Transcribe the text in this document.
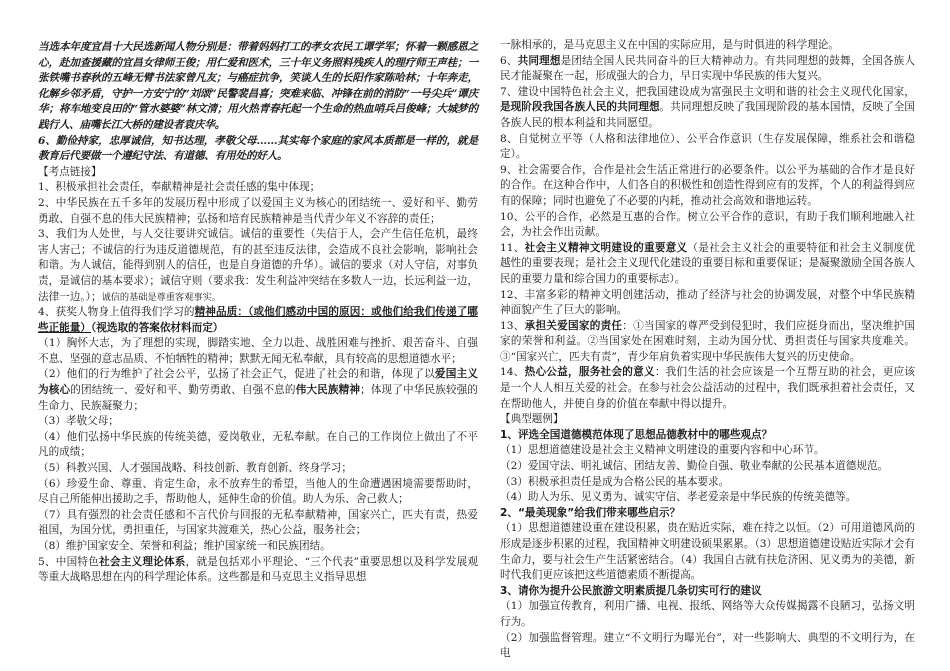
当选本年度宜昌十大民选新闻人物分别是：带着妈妈打工的孝女农民工谭学军；怀着一颗感恩之心，赴加查援藏的宜昌女律师王俊；用仁爱和医术，三十年义务照料残疾人的理疗师王声桂；一张铁嘴书春秋的五峰无臂书法家曾凡友；与癌症抗争，笑谈人生的长阳作家陈哈林；十年奔走，化解乡邻矛盾，守护一方安宁的“刘颂”民警裴昌喜；突难来临、冲锋在前的消防“一号尖兵”谭庆华；将车地变良田的“管水婆婆”林文清；用火热青春托起一个生命的热血哨兵吕俊峰；大城梦的践行人、庙嘴长江大桥的建设者袁庆华。

6、勤俭持家，忠厚诚信，知书达理，孝敬父母……其实每个家庭的家风本质都是一样的，就是教育后代要做一个遵纪守法、有道德、有用处的好人。

【考点链接】

1、积极承担社会责任，奉献精神是社会责任感的集中体现；

2、中华民族在五千多年的发展历程中形成了以爱国主义为核心的团结统一、爱好和平、勤劳勇敢、自强不息的伟大民族精神；弘扬和培育民族精神是当代青少年义不容辞的责任；

3、我们为人处世，与人交往要讲究诚信。诚信的重要性（失信于人，会产生信任危机，最终害人害己；不诚信的行为违反道德规范，有的甚至违反法律，会造成不良社会影响，影响社会和谐。为人诚信，能得到别人的信任，也是自身道德的升华）。诚信的要求（对人守信，对事负责，是诚信的基本要求）；诚信守则（要求我：发生利益冲突结在多数人一边，长远利益一边，法律一边。）；诚信的基础是尊重客观事实。

4、获奖人物身上值得我们学习的精神品质：（或他们感动中国的原因：或他们给我们传递了哪些正能量）（视选取的答案依材料而定）

（1）胸怀大志，为了理想的实现，脚踏实地、全力以赴、战胜困难与挫折、艰苦奋斗、自强不息、坚强的意志品质、不怕牺牲的精神；默默无闻无私奉献，具有较高的思想道德水平；

（2）他们的行为维护了社会公平，弘扬了社会正气，促进了社会的和谐，体现了以爱国主义为核心的团结统一、爱好和平、勤劳勇敢、自强不息的伟大民族精神；体现了中华民族较强的生命力、民族凝聚力；

（3）孝敬父母；

（4）他们弘扬中华民族的传统美德，爱岗敬业，无私奉献。在自己的工作岗位上做出了不平凡的成绩；

（5）科教兴国、人才强国战略、科技创新、教育创新、终身学习；

（6）珍爱生命、尊重、肯定生命，永不放弃生的希望，当他人的生命遭遇困境需要帮助时，尽自己所能伸出援助之手，帮助他人，延伸生命的价值。助人为乐、舍己救人；

（7）具有强烈的社会责任感和不言代价与回报的无私奉献精神，国家兴亡，匹夫有责，热爱祖国，为国分忧，勇担重任，与国家共渡难关，热心公益，服务社会；

（8）维护国家安全、荣誉和利益；维护国家统一和民族团结。

5、中国特色社会主义理论体系，就是包括邓小平理论、“三个代表”重要思想以及科学发展观等重大战略思想在内的科学理论体系。这些都是和马克思主义指导思想

一脉相承的，是马克思主义在中国的实际应用，是与时俱进的科学理论。

6、共同理想是团结全国人民共同奋斗的巨大精神动力。有共同理想的鼓舞，全国各族人民才能凝聚在一起，形成强大的合力，早日实现中华民族的伟大复兴。

7、建设中国特色社会主义，把我国建设成为富强民主文明和谐的社会主义现代化国家，是现阶段我国各族人民的共同理想。共同理想反映了我国现阶段的基本国情，反映了全国各族人民的根本利益和共同愿望。

8、自觉树立平等（人格和法律地位）、公平合作意识（生存发展保障，维系社会和谐稳定）。

9、社会需要合作，合作是社会生活正常进行的必要条件。以公平为基础的合作才是良好的合作。在这种合作中，人们各自的积极性和创造性得到应有的发挥，个人的利益得到应有的保障；同时也避免了不必要的内耗，推动社会高效和谐地运转。

10、公平的合作，必然是互惠的合作。树立公平合作的意识，有助于我们顺利地融入社会，为社会作出贡献。

11、社会主义精神文明建设的重要意义（是社会主义社会的重要特征和社会主义制度优越性的重要表现；是社会主义现代化建设的重要目标和重要保证；是凝聚激励全国各族人民的重要力量和综合国力的重要标志）。

12、丰富多彩的精神文明创建活动，推动了经济与社会的协调发展，对整个中华民族精神面貌产生了巨大的影响。

13、承担关爱国家的责任：①当国家的尊严受到侵犯时，我们应挺身而出，坚决维护国家的荣誉和利益。②当国家处在困难时刻，主动为国分忧、勇担责任与国家共度难关。③“国家兴亡，匹夫有责”，青少年肩负着实现中华民族伟大复兴的历史使命。

14、热心公益，服务社会的意义：我们生活的社会应该是一个互帮互助的社会，更应该是一个人人相互关爱的社会。在参与社会公益活动的过程中，我们既承担着社会责任，又在帮助他人，并使自身的价值在奉献中得以提升。

【典型题例】

1、评选全国道德模范体现了思想品德教材中的哪些观点？

（1）思想道德建设是社会主义精神文明建设的重要内容和中心环节。

（2）爱国守法、明礼诚信、团结友善、勤俭自强、敬业奉献的公民基本道德规范。

（3）积极承担责任是成为合格公民的基本要求。

（4）助人为乐、见义勇为、诚实守信、孝老爱亲是中华民族的传统美德等。

2、“最美现象”给我们带来哪些启示？

（1）思想道德建设重在建设积累，贵在贴近实际，难在持之以恒。（2）可用道德风尚的形成是逐步积累的过程，我国精神文明建设硕果累累。（3）思想道德建设贴近实际才会有生命力，要与社会生产生活紧密结合。（4）我国自古就有扶危济困、见义勇为的美德，新时代我们更应该把这些道德素质不断提高。

3、请你为提升公民旅游文明素质提几条切实可行的建议

（1）加强宣传教育，利用广播、电视、报纸、网络等大众传媒揭露不良陋习，弘扬文明行为。

（2）加强监督管理。建立“不文明行为曝光台”，对一些影响大、典型的不文明行为，在电
